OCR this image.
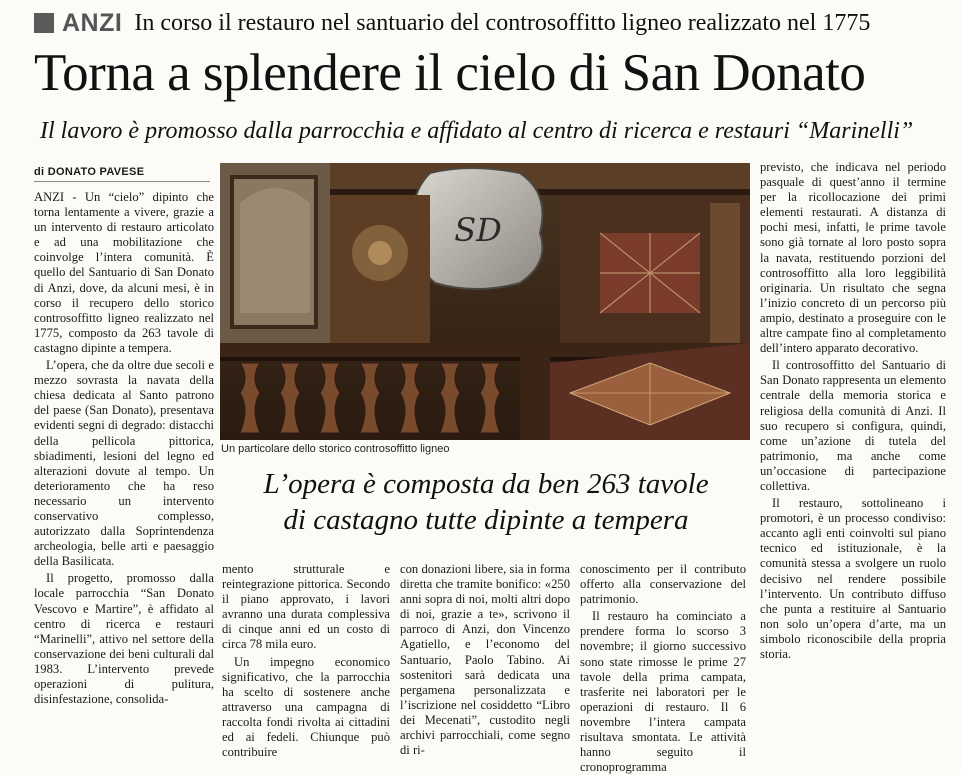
ANZI In corso il restauro nel santuario del controsoffitto ligneo realizzato nel 1775
Torna a splendere il cielo di San Donato
Il lavoro è promosso dalla parrocchia e affidato al centro di ricerca e restauri “Marinelli”
di DONATO PAVESE

ANZI - Un “cielo” dipinto che torna lentamente a vivere, grazie a un intervento di restauro articolato e ad una mobilitazione che coinvolge l’intera comunità. È quello del Santuario di San Donato di Anzi, dove, da alcuni mesi, è in corso il recupero dello storico controsoffitto ligneo realizzato nel 1775, composto da 263 tavole di castagno dipinte a tempera.

L’opera, che da oltre due secoli e mezzo sovrasta la navata della chiesa dedicata al Santo patrono del paese (San Donato), presentava evidenti segni di degrado: distacchi della pellicola pittorica, sbiadimenti, lesioni del legno ed alterazioni dovute al tempo. Un deterioramento che ha reso necessario un intervento conservativo complesso, autorizzato dalla Soprintendenza archeologia, belle arti e paesaggio della Basilicata.

Il progetto, promosso dalla locale parrocchia “San Donato Vescovo e Martire”, è affidato al centro di ricerca e restauri “Marinelli”, attivo nel settore della conservazione dei beni culturali dal 1983. L’intervento prevede operazioni di pulitura, disinfestazione, consolida-

SD
Un particolare dello storico controsoffitto ligneo
L’opera è composta da ben 263 tavole
di castagno tutte dipinte a tempera

mento strutturale e reintegrazione pittorica. Secondo il piano approvato, i lavori avranno una durata complessiva di cinque anni ed un costo di circa 78 mila euro.

Un impegno economico significativo, che la parrocchia ha scelto di sostenere anche attraverso una campagna di raccolta fondi rivolta ai cittadini ed ai fedeli. Chiunque può contribuire

con donazioni libere, sia in forma diretta che tramite bonifico: «250 anni sopra di noi, molti altri dopo di noi, grazie a te», scrivono il parroco di Anzi, don Vincenzo Agatiello, e l’economo del Santuario, Paolo Tabino. Ai sostenitori sarà dedicata una pergamena personalizzata e l’iscrizione nel cosiddetto “Libro dei Mecenati”, custodito negli archivi parrocchiali, come segno di ri-

conoscimento per il contributo offerto alla conservazione del patrimonio.

Il restauro ha cominciato a prendere forma lo scorso 3 novembre; il giorno successivo sono state rimosse le prime 27 tavole della prima campata, trasferite nei laboratori per le operazioni di restauro. Il 6 novembre l’intera campata risultava smontata. Le attività hanno seguito il cronoprogramma

previsto, che indicava nel periodo pasquale di quest’anno il termine per la ricollocazione dei primi elementi restaurati. A distanza di pochi mesi, infatti, le prime tavole sono già tornate al loro posto sopra la navata, restituendo porzioni del controsoffitto alla loro leggibilità originaria. Un risultato che segna l’inizio concreto di un percorso più ampio, destinato a proseguire con le altre campate fino al completamento dell’intero apparato decorativo.

Il controsoffitto del Santuario di San Donato rappresenta un elemento centrale della memoria storica e religiosa della comunità di Anzi. Il suo recupero si configura, quindi, come un’azione di tutela del patrimonio, ma anche come un’occasione di partecipazione collettiva.

Il restauro, sottolineano i promotori, è un processo condiviso: accanto agli enti coinvolti sul piano tecnico ed istituzionale, è la comunità stessa a svolgere un ruolo decisivo nel rendere possibile l’intervento. Un contributo diffuso che punta a restituire al Santuario non solo un’opera d’arte, ma un simbolo riconoscibile della propria storia.
